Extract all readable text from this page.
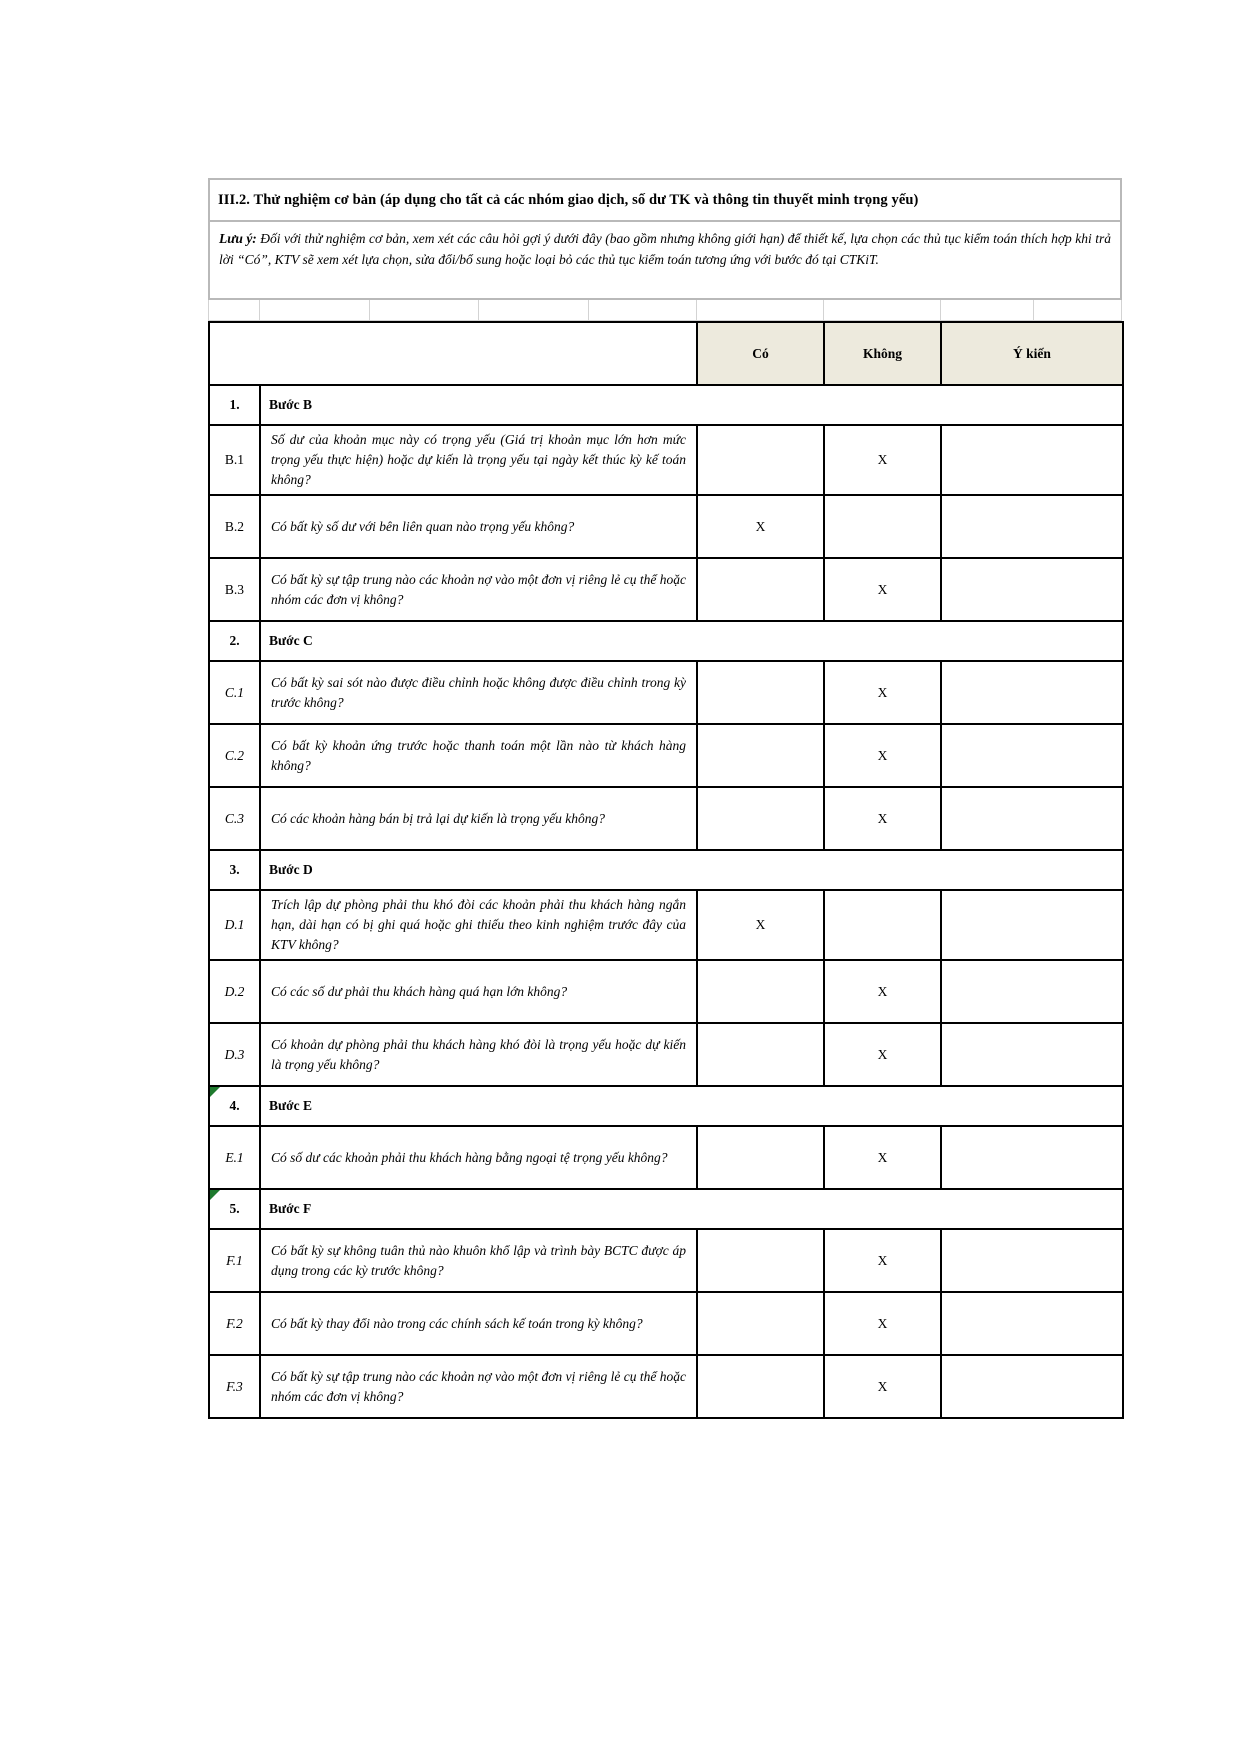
III.2. Thử nghiệm cơ bản (áp dụng cho tất cả các nhóm giao dịch, số dư TK và thông tin thuyết minh trọng yếu)
Lưu ý: Đối với thử nghiệm cơ bản, xem xét các câu hỏi gợi ý dưới đây (bao gồm nhưng không giới hạn) để thiết kế, lựa chọn các thủ tục kiểm toán thích hợp khi trả lời “Có”, KTV sẽ xem xét lựa chọn, sửa đổi/bổ sung hoặc loại bỏ các thủ tục kiểm toán tương ứng với bước đó tại CTKiT.
		Có	Không	Ý kiến
1.	Bước B			
B.1	Số dư của khoản mục này có trọng yếu (Giá trị khoản mục lớn hơn mức trọng yếu thực hiện) hoặc dự kiến là trọng yếu tại ngày kết thúc kỳ kế toán không?		X	
B.2	Có bất kỳ số dư với bên liên quan nào trọng yếu không?	X		
B.3	Có bất kỳ sự tập trung nào các khoản nợ vào một đơn vị riêng lẻ cụ thể hoặc nhóm các đơn vị không?		X	
2.	Bước C			
C.1	Có bất kỳ sai sót nào được điều chỉnh hoặc không được điều chỉnh trong kỳ trước không?		X	
C.2	Có bất kỳ khoản ứng trước hoặc thanh toán một lần nào từ khách hàng không?		X	
C.3	Có các khoản hàng bán bị trả lại dự kiến là trọng yếu không?		X	
3.	Bước D			
D.1	Trích lập dự phòng phải thu khó đòi các khoản phải thu khách hàng ngắn hạn, dài hạn có bị ghi quá hoặc ghi thiếu theo kinh nghiệm trước đây của KTV không?	X		
D.2	Có các số dư phải thu khách hàng quá hạn lớn không?		X	
D.3	Có khoản dự phòng phải thu khách hàng khó đòi là trọng yếu hoặc dự kiến là trọng yếu không?		X	

4.	Bước E			
E.1	Có số dư các khoản phải thu khách hàng bằng ngoại tệ trọng yếu không?		X	

5.	Bước F			
F.1	Có bất kỳ sự không tuân thủ nào khuôn khổ lập và trình bày BCTC được áp dụng trong các kỳ trước không?		X	
F.2	Có bất kỳ thay đổi nào trong các chính sách kế toán trong kỳ không?		X	
F.3	Có bất kỳ sự tập trung nào các khoản nợ vào một đơn vị riêng lẻ cụ thể hoặc nhóm các đơn vị không?		X	
